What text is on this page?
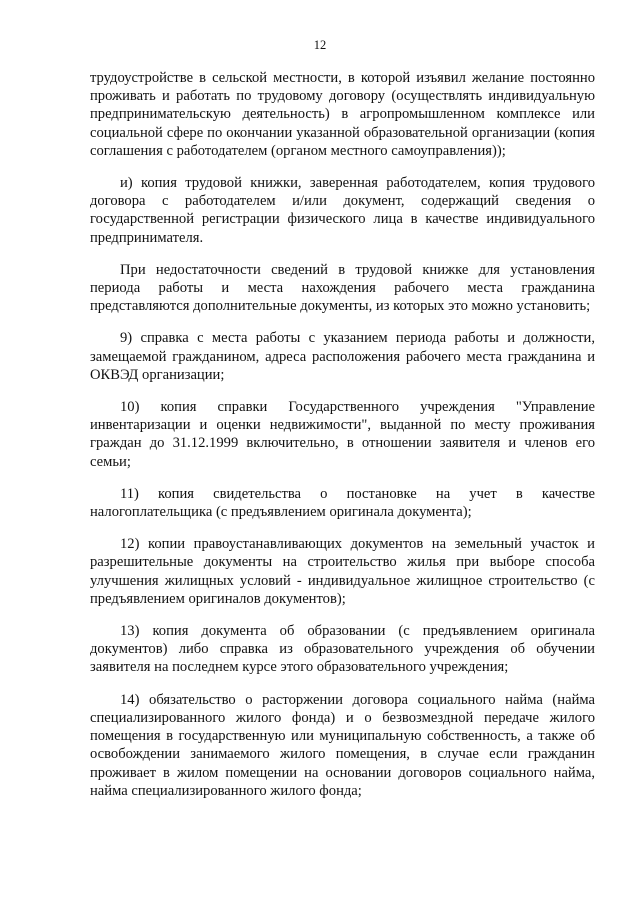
12

трудоустройстве в сельской местности, в которой изъявил желание постоянно проживать и работать по трудовому договору (осуществлять индивидуальную предпринимательскую деятельность) в агропромышленном комплексе или социальной сфере по окончании указанной образовательной организации (копия соглашения с работодателем (органом местного самоуправления));

и) копия трудовой книжки, заверенная работодателем, копия трудового договора с работодателем и/или документ, содержащий сведения о государственной регистрации физического лица в качестве индивидуального предпринимателя.

При недостаточности сведений в трудовой книжке для установления периода работы и места нахождения рабочего места гражданина представляются дополнительные документы, из которых это можно установить;

9) справка с места работы с указанием периода работы и должности, замещаемой гражданином, адреса расположения рабочего места гражданина и ОКВЭД организации;

10) копия справки Государственного учреждения "Управление инвентаризации и оценки недвижимости", выданной по месту проживания граждан до 31.12.1999 включительно, в отношении заявителя и членов его семьи;

11) копия свидетельства о постановке на учет в качестве налогоплательщика (с предъявлением оригинала документа);

12) копии правоустанавливающих документов на земельный участок и разрешительные документы на строительство жилья при выборе способа улучшения жилищных условий - индивидуальное жилищное строительство (с предъявлением оригиналов документов);

13) копия документа об образовании (с предъявлением оригинала документов) либо справка из образовательного учреждения об обучении заявителя на последнем курсе этого образовательного учреждения;

14) обязательство о расторжении договора социального найма (найма специализированного жилого фонда) и о безвозмездной передаче жилого помещения в государственную или муниципальную собственность, а также об освобождении занимаемого жилого помещения, в случае если гражданин проживает в жилом помещении на основании договоров социального найма, найма специализированного жилого фонда;
